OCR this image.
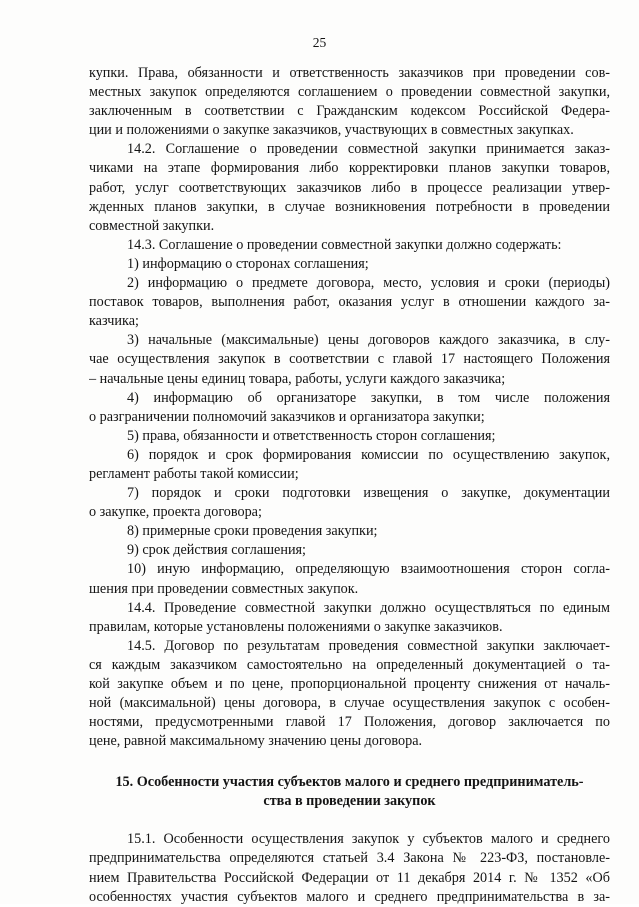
25
купки. Права, обязанности и ответственность заказчиков при проведении сов-
местных закупок определяются соглашением о проведении совместной закупки,
заключенным в соответствии с Гражданским кодексом Российской Федера-
ции и положениями о закупке заказчиков, участвующих в совместных закупках.
14.2. Соглашение о проведении совместной закупки принимается заказ-
чиками на этапе формирования либо корректировки планов закупки товаров,
работ, услуг соответствующих заказчиков либо в процессе реализации утвер-
жденных планов закупки, в случае возникновения потребности в проведении
совместной закупки.
14.3. Соглашение о проведении совместной закупки должно содержать:
1) информацию о сторонах соглашения;
2) информацию о предмете договора, место, условия и сроки (периоды)
поставок товаров, выполнения работ, оказания услуг в отношении каждого за-
казчика;
3) начальные (максимальные) цены договоров каждого заказчика, в слу-
чае осуществления закупок в соответствии с главой 17 настоящего Положения
– начальные цены единиц товара, работы, услуги каждого заказчика;
4) информацию об организаторе закупки, в том числе положения
о разграничении полномочий заказчиков и организатора закупки;
5) права, обязанности и ответственность сторон соглашения;
6) порядок и срок формирования комиссии по осуществлению закупок,
регламент работы такой комиссии;
7) порядок и сроки подготовки извещения о закупке, документации
о закупке, проекта договора;
8) примерные сроки проведения закупки;
9) срок действия соглашения;
10) иную информацию, определяющую взаимоотношения сторон согла-
шения при проведении совместных закупок.
14.4. Проведение совместной закупки должно осуществляться по единым
правилам, которые установлены положениями о закупке заказчиков.
14.5. Договор по результатам проведения совместной закупки заключает-
ся каждым заказчиком самостоятельно на определенный документацией о та-
кой закупке объем и по цене, пропорциональной проценту снижения от началь-
ной (максимальной) цены договора, в случае осуществления закупок с особен-
ностями, предусмотренными главой 17 Положения, договор заключается по
цене, равной максимальному значению цены договора.
15. Особенности участия субъектов малого и среднего предприниматель-
ства в проведении закупок
15.1. Особенности осуществления закупок у субъектов малого и среднего
предпринимательства определяются статьей 3.4 Закона № 223-ФЗ, постановле-
нием Правительства Российской Федерации от 11 декабря 2014 г. № 1352 «Об
особенностях участия субъектов малого и среднего предпринимательства в за-
